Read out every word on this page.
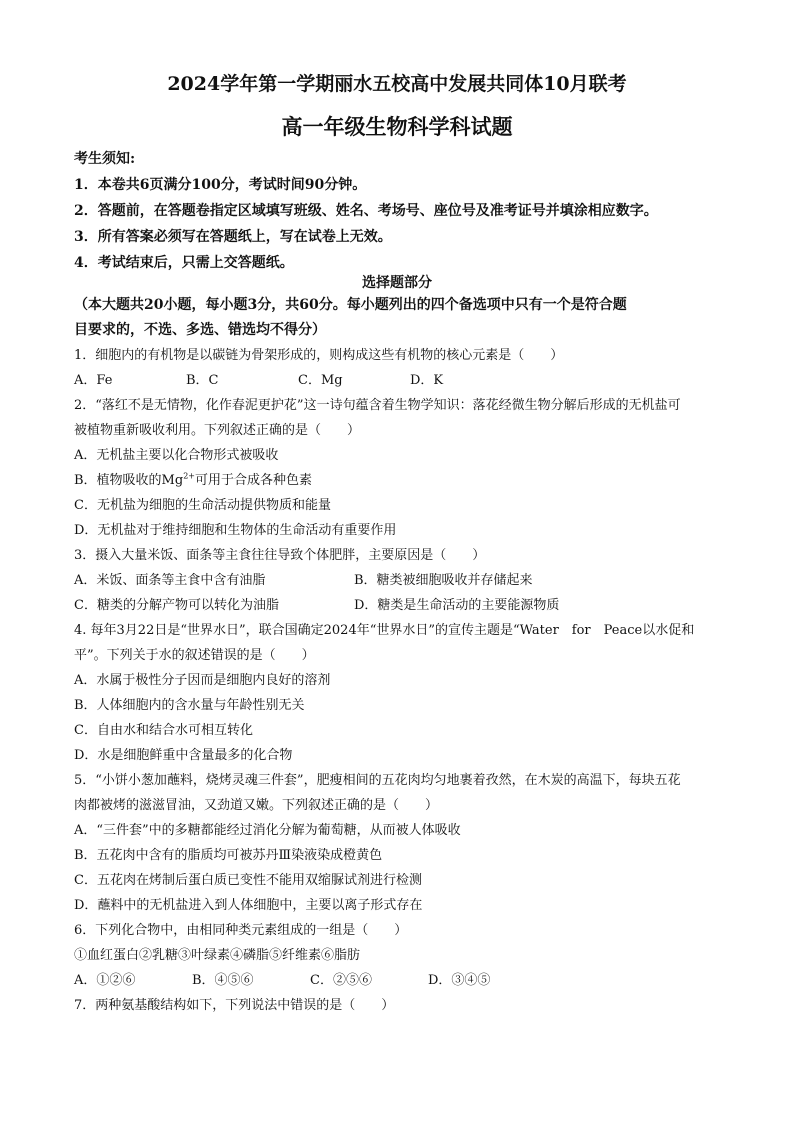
2024学年第一学期丽水五校高中发展共同体10月联考
高一年级生物科学科试题
考生须知:
1．本卷共6页满分100分，考试时间90分钟。
2．答题前，在答题卷指定区域填写班级、姓名、考场号、座位号及准考证号并填涂相应数字。
3．所有答案必须写在答题纸上，写在试卷上无效。
4．考试结束后，只需上交答题纸。
选择题部分
（本大题共20小题，每小题3分，共60分。每小题列出的四个备选项中只有一个是符合题
目要求的，不选、多选、错选均不得分）
1．细胞内的有机物是以碳链为骨架形成的，则构成这些有机物的核心元素是（　　）
A．Fe	B．C	C．Mg	D．K
2．“落红不是无情物，化作春泥更护花”这一诗句蕴含着生物学知识：落花经微生物分解后形成的无机盐可
被植物重新吸收利用。下列叙述正确的是（　　）
A．无机盐主要以化合物形式被吸收
B．植物吸收的$Mg^{2+}$可用于合成各种色素
C．无机盐为细胞的生命活动提供物质和能量
D．无机盐对于维持细胞和生物体的生命活动有重要作用
3．摄入大量米饭、面条等主食往往导致个体肥胖，主要原因是（　　）
A．米饭、面条等主食中含有油脂	B．糖类被细胞吸收并存储起来
C．糖类的分解产物可以转化为油脂	D．糖类是生命活动的主要能源物质
4. 每年3月22日是“世界水日”，联合国确定2024年“世界水日”的宣传主题是“Water　for　Peace以水促和
平”。下列关于水的叙述错误的是（　　）
A．水属于极性分子因而是细胞内良好的溶剂
B．人体细胞内的含水量与年龄性别无关
C．自由水和结合水可相互转化
D．水是细胞鲜重中含量最多的化合物
5．“小饼小葱加蘸料，烧烤灵魂三件套”，肥瘦相间的五花肉均匀地裹着孜然，在木炭的高温下，每块五花
肉都被烤的滋滋冒油，又劲道又嫩。下列叙述正确的是（　　）
A．“三件套”中的多糖都能经过消化分解为葡萄糖，从而被人体吸收
B．五花肉中含有的脂质均可被苏丹Ⅲ染液染成橙黄色
C．五花肉在烤制后蛋白质已变性不能用双缩脲试剂进行检测
D．蘸料中的无机盐进入到人体细胞中，主要以离子形式存在
6．下列化合物中，由相同种类元素组成的一组是（　　）
①血红蛋白②乳糖③叶绿素④磷脂⑤纤维素⑥脂肪
A．①②⑥	B．④⑤⑥	C．②⑤⑥	D．③④⑤
7．两种氨基酸结构如下，下列说法中错误的是（　　）
